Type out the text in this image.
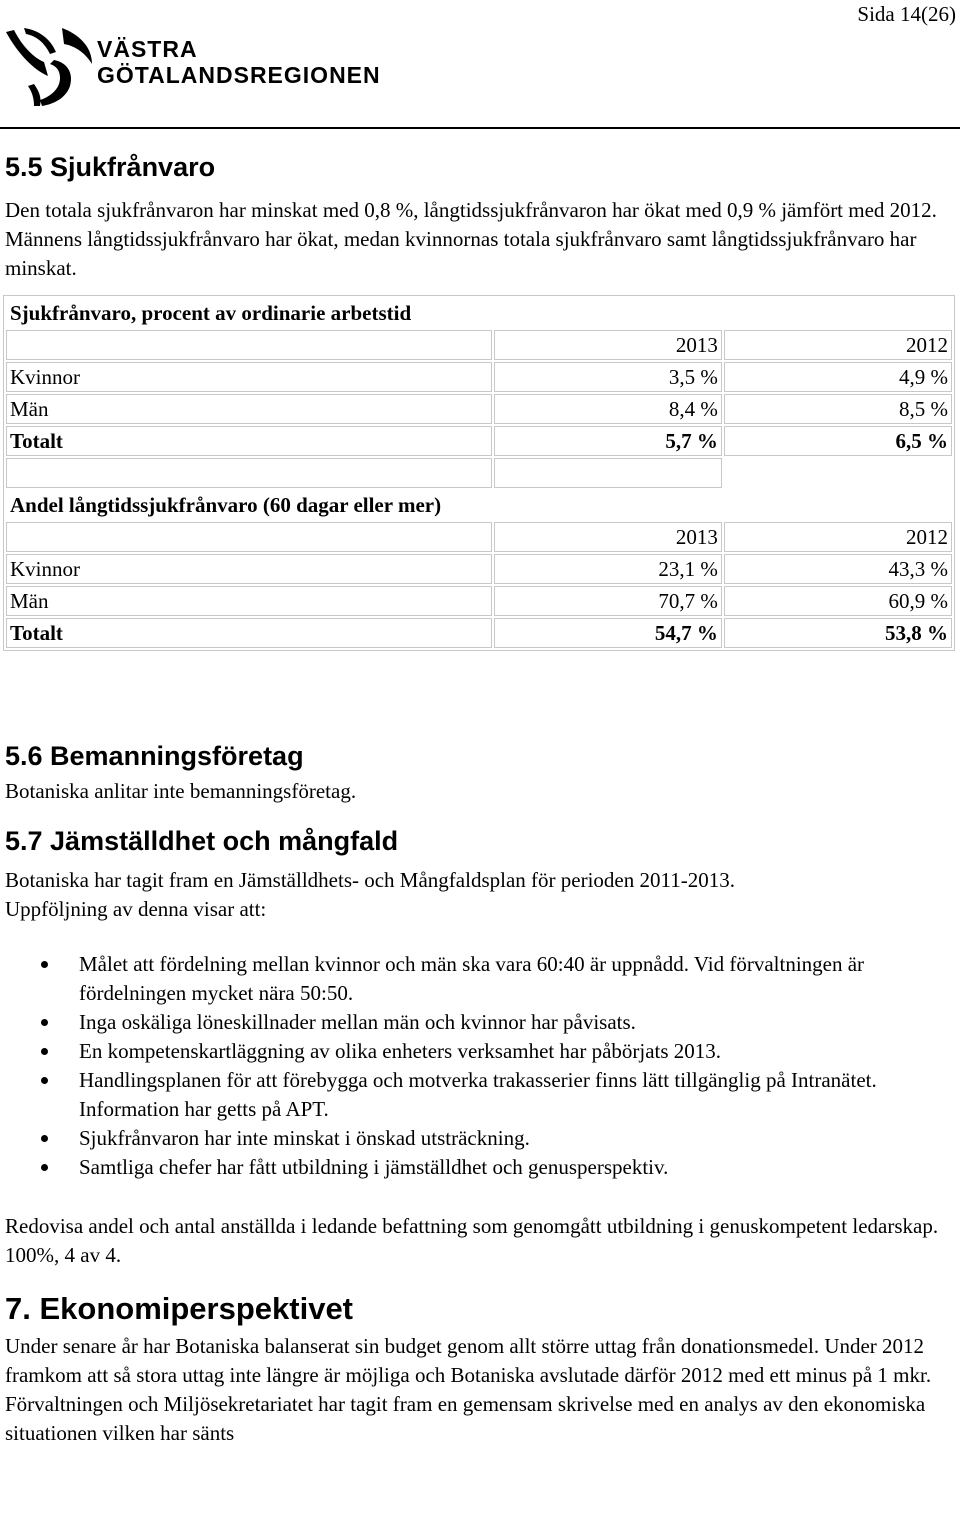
Sida 14(26)
VÄSTRA
GÖTALANDSREGIONEN
5.5 Sjukfrånvaro

Den totala sjukfrånvaron har minskat med 0,8 %, långtidssjukfrånvaron har ökat med 0,9 % jämfört med 2012. Männens långtidssjukfrånvaro har ökat, medan kvinnornas totala sjukfrånvaro samt långtidssjukfrånvaro har minskat.

Sjukfrånvaro, procent av ordinarie arbetstid		
	2013	2012
Kvinnor	3,5 %	4,9 %
Män	8,4 %	8,5 %
Totalt	5,7 %	6,5 %

Andel långtidssjukfrånvaro (60 dagar eller mer)		
	2013	2012
Kvinnor	23,1 %	43,3 %
Män	70,7 %	60,9 %
Totalt	54,7 %	53,8 %
5.6 Bemanningsföretag

Botaniska anlitar inte bemanningsföretag.

5.7 Jämställdhet och mångfald

Botaniska har tagit fram en Jämställdhets- och Mångfaldsplan för perioden 2011-2013.

Uppföljning av denna visar att:

Målet att fördelning mellan kvinnor och män ska vara 60:40 är uppnådd. Vid förvaltningen är fördelningen mycket nära 50:50.
Inga oskäliga löneskillnader mellan män och kvinnor har påvisats.
En kompetenskartläggning av olika enheters verksamhet har påbörjats 2013.
Handlingsplanen för att förebygga och motverka trakasserier finns lätt tillgänglig på Intranätet. Information har getts på APT.
Sjukfrånvaron har inte minskat i önskad utsträckning.
Samtliga chefer har fått utbildning i jämställdhet och genusperspektiv.

Redovisa andel och antal anställda i ledande befattning som genomgått utbildning i genuskompetent ledarskap. 100%, 4 av 4.

7. Ekonomiperspektivet

Under senare år har Botaniska balanserat sin budget genom allt större uttag från donationsmedel. Under 2012 framkom att så stora uttag inte längre är möjliga och Botaniska avslutade därför 2012 med ett minus på 1 mkr. Förvaltningen och Miljösekretariatet har tagit fram en gemensam skrivelse med en analys av den ekonomiska situationen vilken har sänts
